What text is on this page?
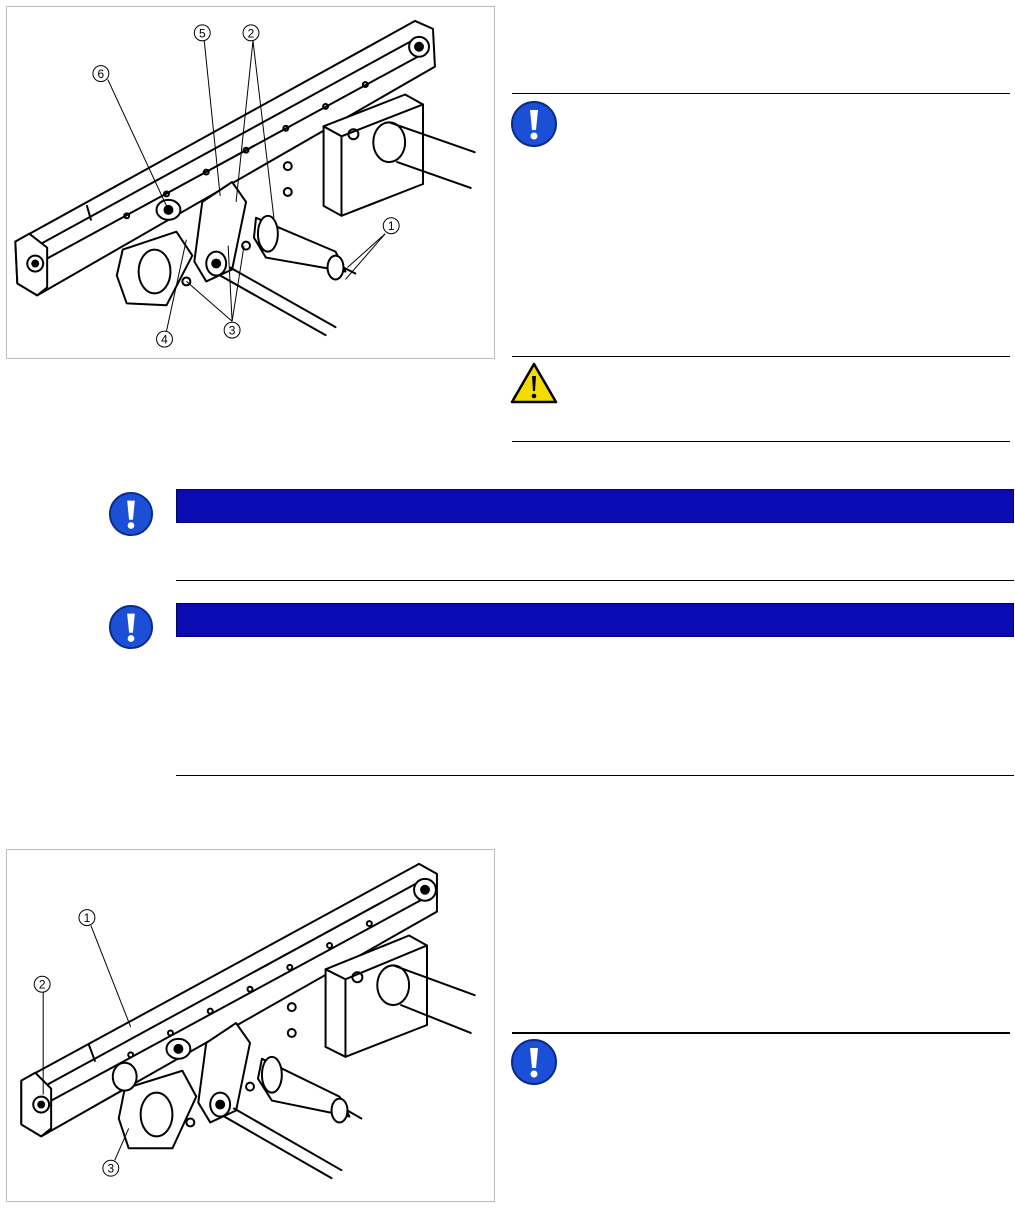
6
5	2
1
4
3
1
2
3
